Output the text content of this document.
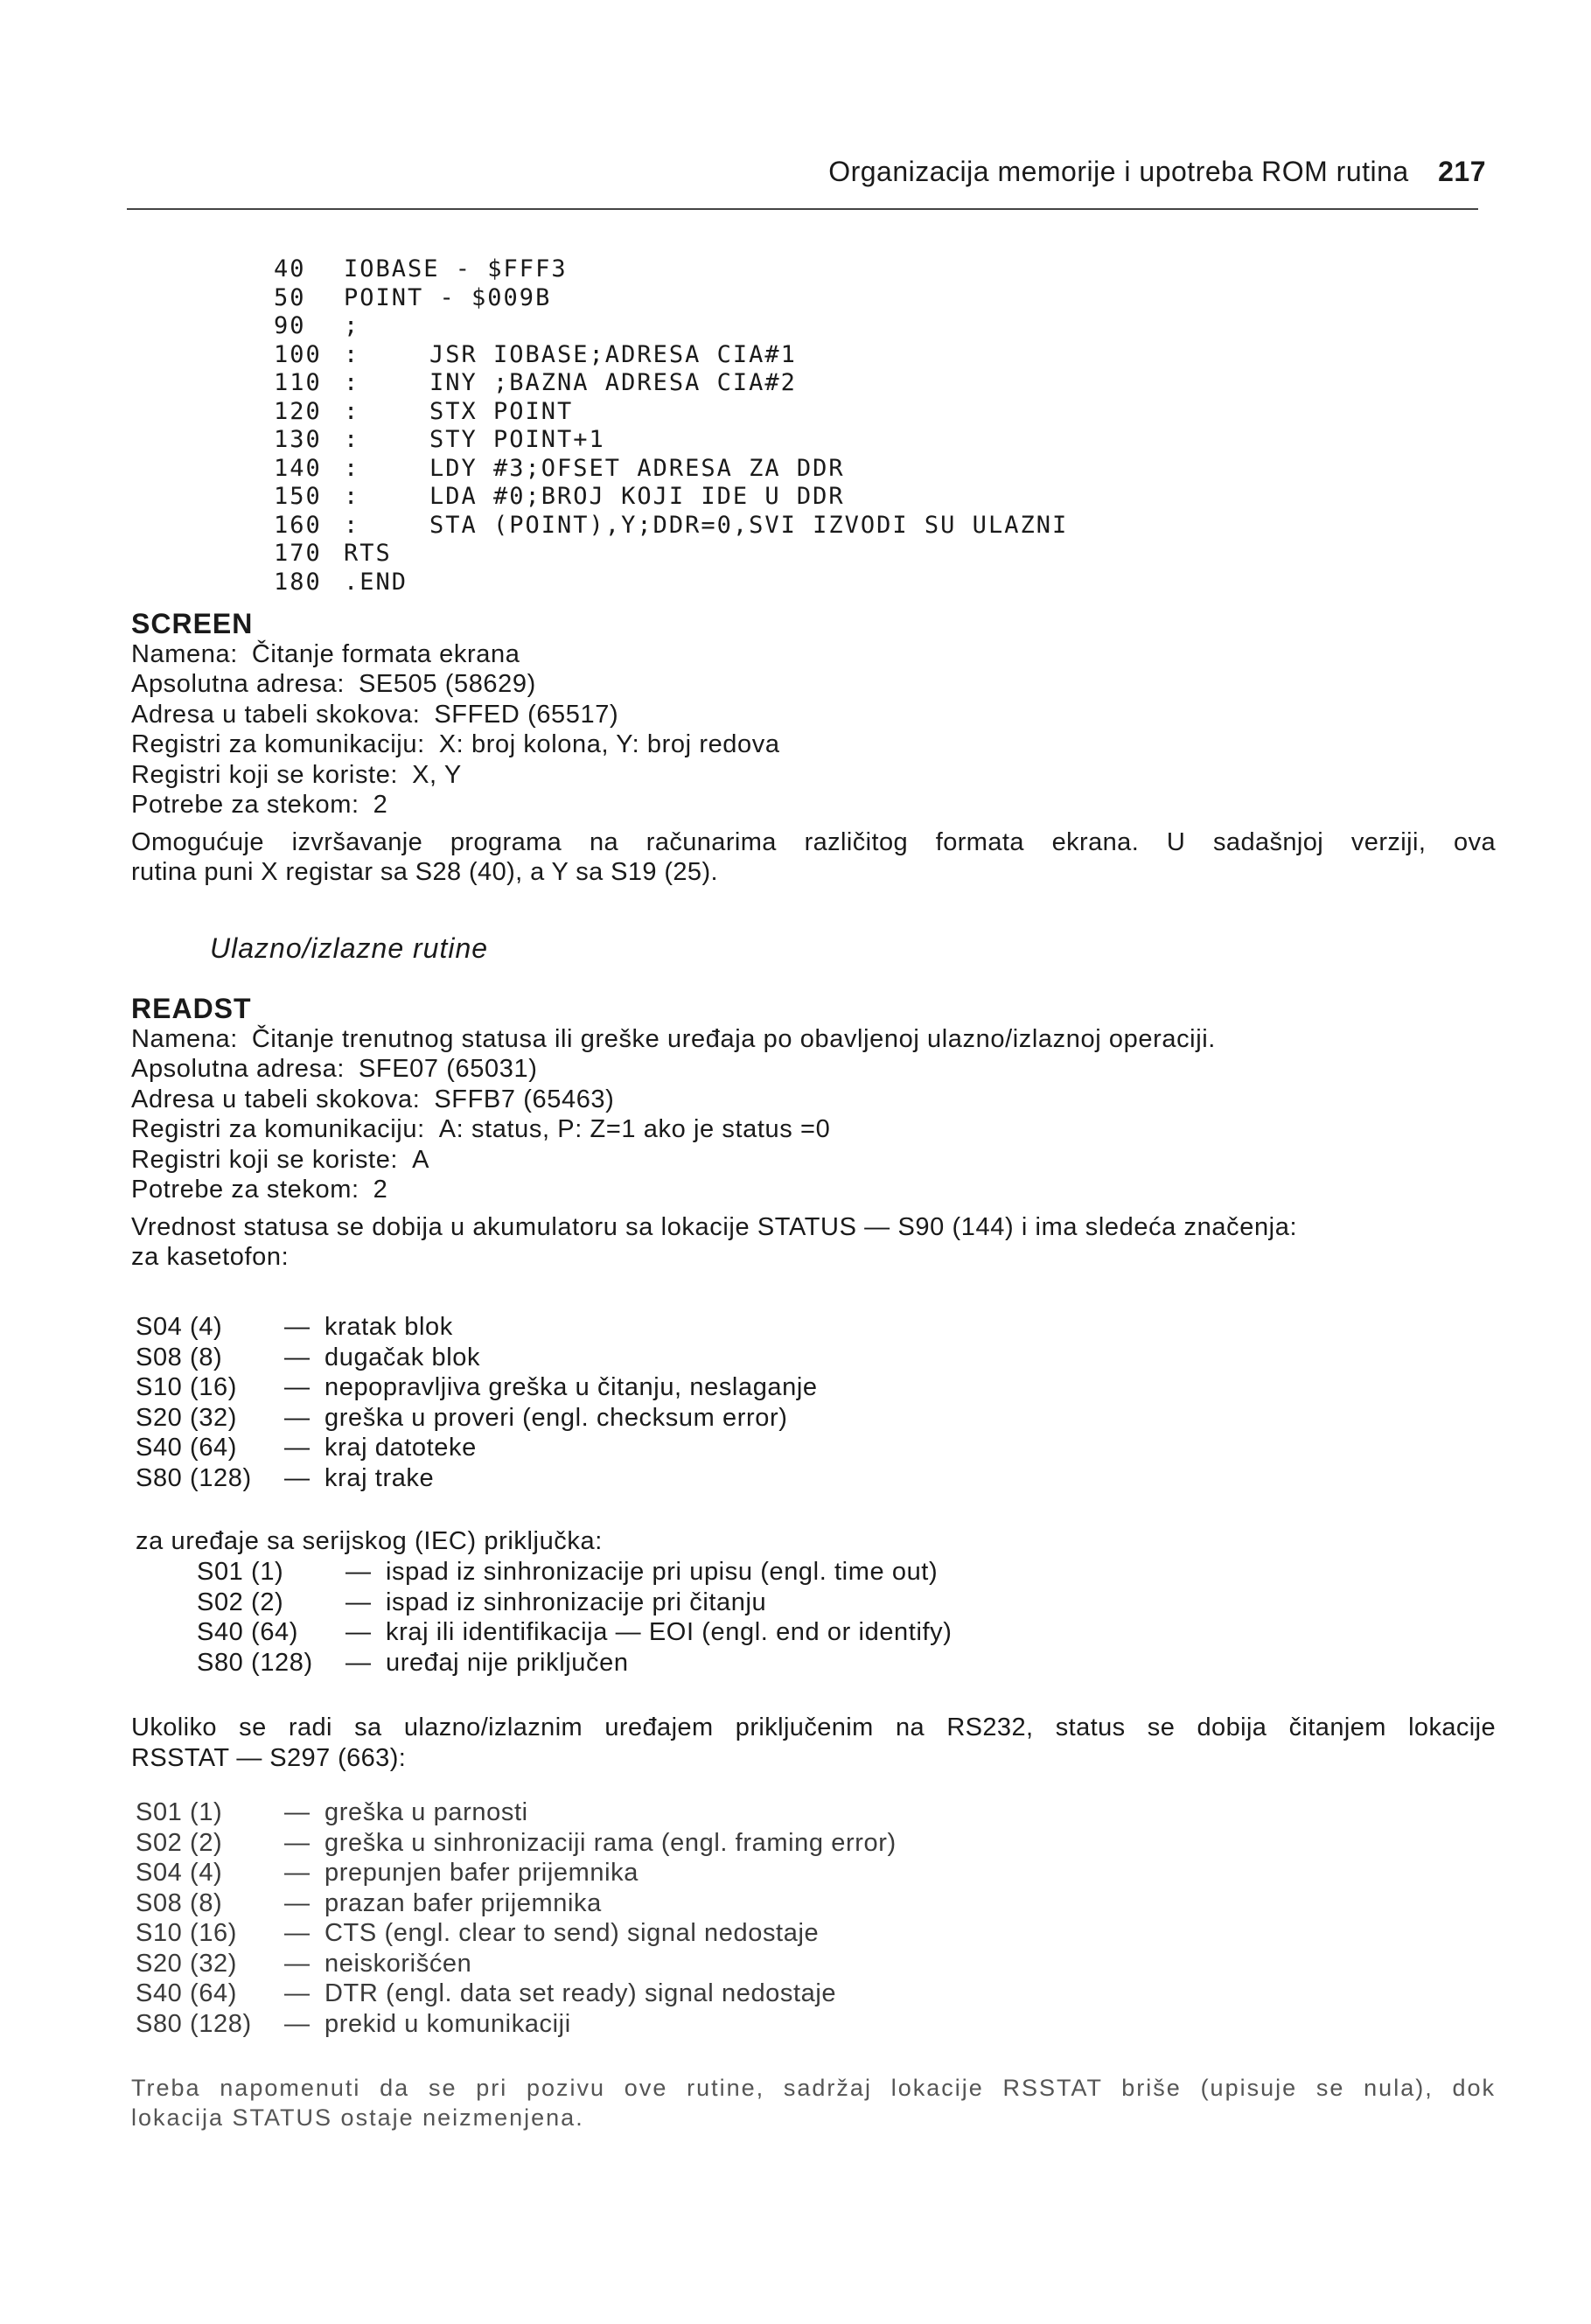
Organizacija memorije i upotreba ROM rutina 217
40 IOBASE - $FFF3
50 POINT - $009B
90 ;
100 :	JSR IOBASE;ADRESA CIA#1
110 :	INY ;BAZNA ADRESA CIA#2
120 :	STX POINT
130 :	STY POINT+1
140 :	LDY #3;OFSET ADRESA ZA DDR
150 :	LDA #0;BROJ KOJI IDE U DDR
160 :	STA (POINT),Y;DDR=0,SVI IZVODI SU ULAZNI
170 RTS
180 .END
SCREEN
Namena: Čitanje formata ekrana
Apsolutna adresa: SE505 (58629)
Adresa u tabeli skokova: SFFED (65517)
Registri za komunikaciju: X: broj kolona, Y: broj redova
Registri koji se koriste: X, Y
Potrebe za stekom: 2
Omogućuje izvršavanje programa na računarima različitog formata ekrana. U sadašnjoj verziji, ova
rutina puni X registar sa S28 (40), a Y sa S19 (25).
Ulazno/izlazne rutine
READST
Namena: Čitanje trenutnog statusa ili greške uređaja po obavljenoj ulazno/izlaznoj operaciji.
Apsolutna adresa: SFE07 (65031)
Adresa u tabeli skokova: SFFB7 (65463)
Registri za komunikaciju: A: status, P: Z=1 ako je status =0
Registri koji se koriste: A
Potrebe za stekom: 2
Vrednost statusa se dobija u akumulatoru sa lokacije STATUS — S90 (144) i ima sledeća značenja:
za kasetofon:
S04 (4) — kratak blok
S08 (8) — dugačak blok
S10 (16) — nepopravljiva greška u čitanju, neslaganje
S20 (32) — greška u proveri (engl. checksum error)
S40 (64) — kraj datoteke
S80 (128) — kraj trake
za uređaje sa serijskog (IEC) priključka:
S01 (1) — ispad iz sinhronizacije pri upisu (engl. time out)
S02 (2) — ispad iz sinhronizacije pri čitanju
S40 (64) — kraj ili identifikacija — EOI (engl. end or identify)
S80 (128) — uređaj nije priključen
Ukoliko se radi sa ulazno/izlaznim uređajem priključenim na RS232, status se dobija čitanjem lokacije
RSSTAT — S297 (663):
S01 (1) — greška u parnosti
S02 (2) — greška u sinhronizaciji rama (engl. framing error)
S04 (4) — prepunjen bafer prijemnika
S08 (8) — prazan bafer prijemnika
S10 (16) — CTS (engl. clear to send) signal nedostaje
S20 (32) — neiskorišćen
S40 (64) — DTR (engl. data set ready) signal nedostaje
S80 (128) — prekid u komunikaciji
Treba napomenuti da se pri pozivu ove rutine, sadržaj lokacije RSSTAT briše (upisuje se nula), dok
lokacija STATUS ostaje neizmenjena.
